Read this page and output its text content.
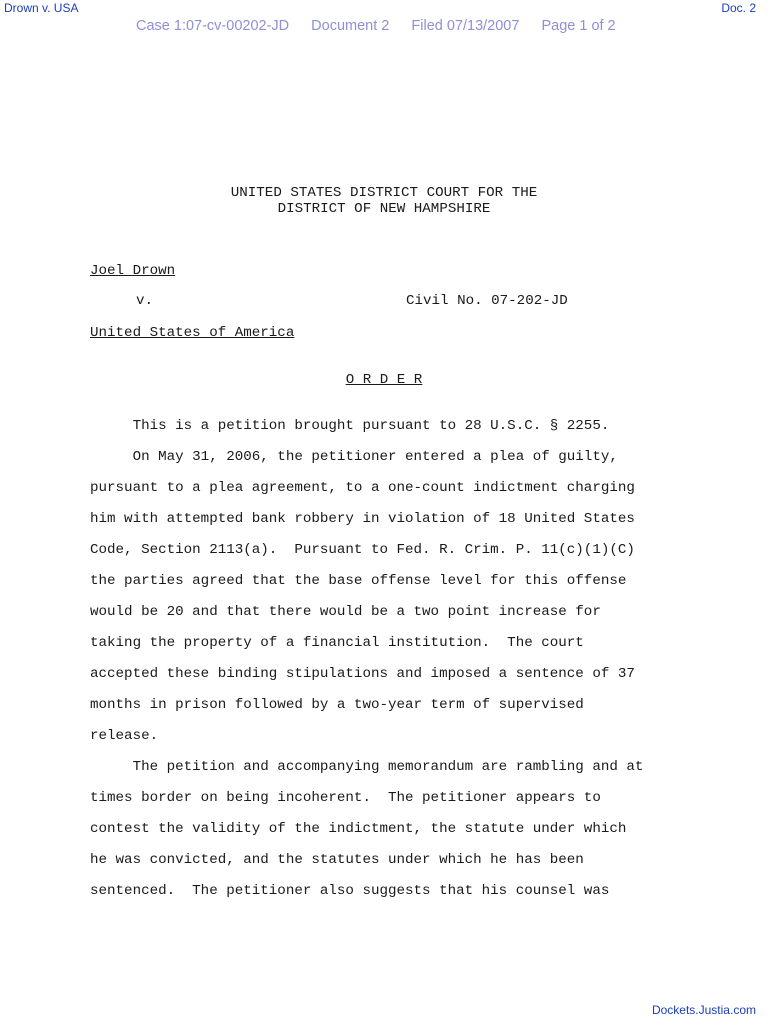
Drown v. USA	Doc. 2
Case 1:07-cv-00202-JD Document 2 Filed 07/13/2007 Page 1 of 2
UNITED STATES DISTRICT COURT FOR THE
DISTRICT OF NEW HAMPSHIRE
Joel Drown
v.	Civil No. 07-202-JD
United States of America
O R D E R
This is a petition brought pursuant to 28 U.S.C. § 2255.
On May 31, 2006, the petitioner entered a plea of guilty,
pursuant to a plea agreement, to a one-count indictment charging
him with attempted bank robbery in violation of 18 United States
Code, Section 2113(a).  Pursuant to Fed. R. Crim. P. 11(c)(1)(C)
the parties agreed that the base offense level for this offense
would be 20 and that there would be a two point increase for
taking the property of a financial institution.  The court
accepted these binding stipulations and imposed a sentence of 37
months in prison followed by a two-year term of supervised
release.
The petition and accompanying memorandum are rambling and at
times border on being incoherent.  The petitioner appears to
contest the validity of the indictment, the statute under which
he was convicted, and the statutes under which he has been
sentenced.  The petitioner also suggests that his counsel was
Dockets.Justia.com
